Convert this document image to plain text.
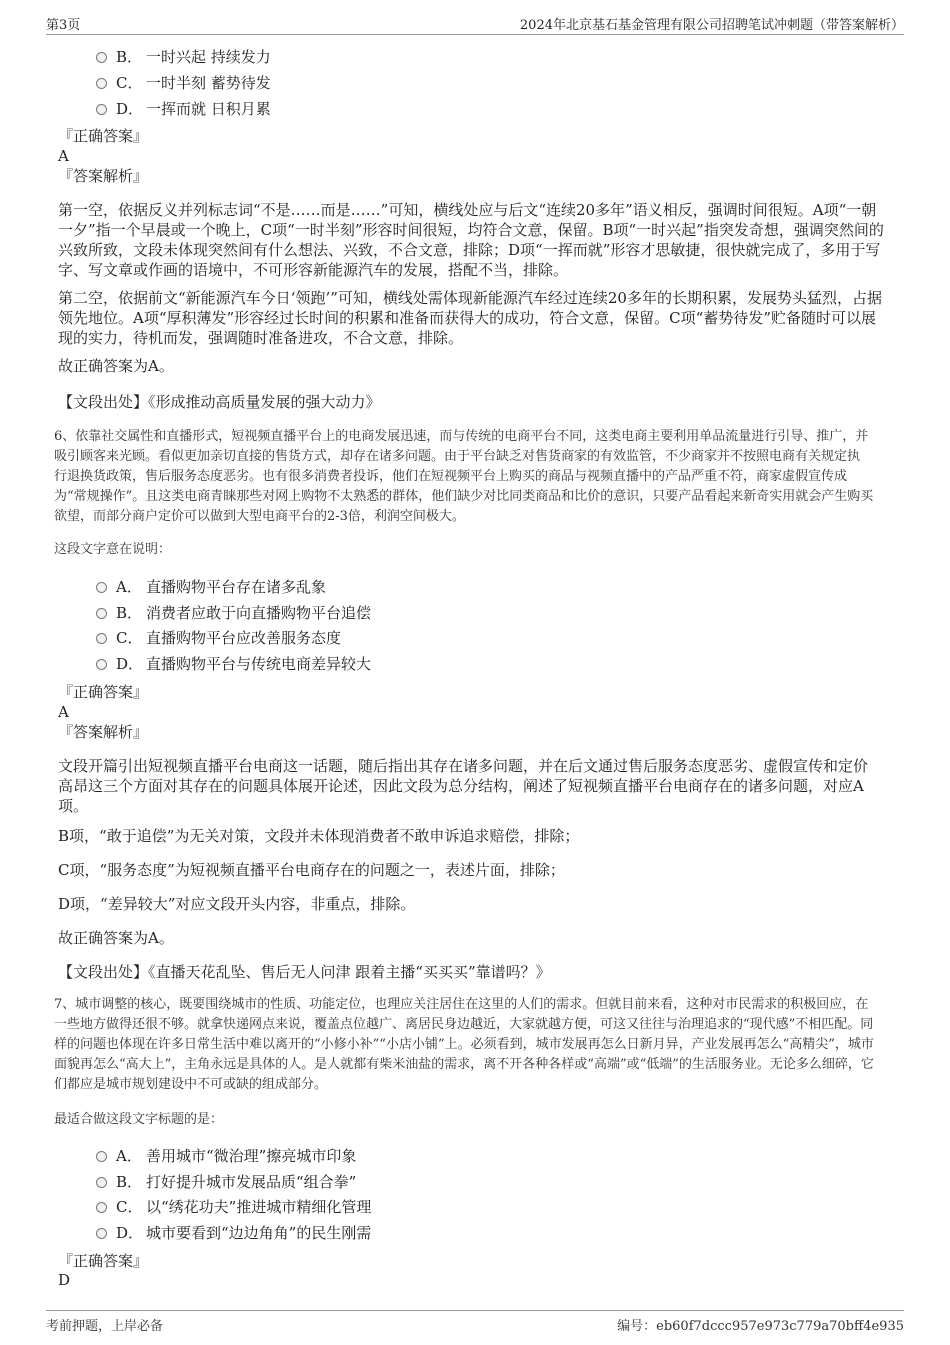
第3页	2024年北京基石基金管理有限公司招聘笔试冲刺题（带答案解析）
B． 一时兴起 持续发力
C． 一时半刻 蓄势待发
D． 一挥而就 日积月累
『正确答案』
A
『答案解析』
第一空，依据反义并列标志词“不是……而是……”可知，横线处应与后文“连续20多年”语义相反，强调时间很短。A项“一朝
一夕”指一个早晨或一个晚上，C项“一时半刻”形容时间很短，均符合文意，保留。B项“一时兴起”指突发奇想，强调突然间的
兴致所致，文段未体现突然间有什么想法、兴致，不合文意，排除；D项“一挥而就”形容才思敏捷，很快就完成了，多用于写
字、写文章或作画的语境中，不可形容新能源汽车的发展，搭配不当，排除。
第二空，依据前文“新能源汽车今日‘领跑’”可知，横线处需体现新能源汽车经过连续20多年的长期积累，发展势头猛烈，占据
领先地位。A项“厚积薄发”形容经过长时间的积累和准备而获得大的成功，符合文意，保留。C项“蓄势待发”贮备随时可以展
现的实力，待机而发，强调随时准备进攻，不合文意，排除。
故正确答案为A。
【文段出处】《形成推动高质量发展的强大动力》
6、依靠社交属性和直播形式，短视频直播平台上的电商发展迅速，而与传统的电商平台不同，这类电商主要利用单品流量进行引导、推广，并
吸引顾客来光顾。看似更加亲切直接的售货方式，却存在诸多问题。由于平台缺乏对售货商家的有效监管，不少商家并不按照电商有关规定执
行退换货政策，售后服务态度恶劣。也有很多消费者投诉，他们在短视频平台上购买的商品与视频直播中的产品严重不符，商家虚假宣传成
为“常规操作”。且这类电商青睐那些对网上购物不太熟悉的群体，他们缺少对比同类商品和比价的意识，只要产品看起来新奇实用就会产生购买
欲望，而部分商户定价可以做到大型电商平台的2-3倍，利润空间极大。
这段文字意在说明：
A． 直播购物平台存在诸多乱象
B． 消费者应敢于向直播购物平台追偿
C． 直播购物平台应改善服务态度
D． 直播购物平台与传统电商差异较大
『正确答案』
A
『答案解析』
文段开篇引出短视频直播平台电商这一话题，随后指出其存在诸多问题，并在后文通过售后服务态度恶劣、虚假宣传和定价
高昂这三个方面对其存在的问题具体展开论述，因此文段为总分结构，阐述了短视频直播平台电商存在的诸多问题，对应A
项。
B项，“敢于追偿”为无关对策，文段并未体现消费者不敢申诉追求赔偿，排除；
C项，“服务态度”为短视频直播平台电商存在的问题之一，表述片面，排除；
D项，“差异较大”对应文段开头内容，非重点，排除。
故正确答案为A。
【文段出处】《直播天花乱坠、售后无人问津 跟着主播“买买买”靠谱吗？》
7、城市调整的核心，既要围绕城市的性质、功能定位，也理应关注居住在这里的人们的需求。但就目前来看，这种对市民需求的积极回应，在
一些地方做得还很不够。就拿快递网点来说，覆盖点位越广、离居民身边越近，大家就越方便，可这又往往与治理追求的“现代感”不相匹配。同
样的问题也体现在许多日常生活中难以离开的“小修小补”“小店小铺”上。必须看到，城市发展再怎么日新月异，产业发展再怎么“高精尖”，城市
面貌再怎么“高大上”，主角永远是具体的人。是人就都有柴米油盐的需求，离不开各种各样或“高端”或“低端”的生活服务业。无论多么细碎，它
们都应是城市规划建设中不可或缺的组成部分。
最适合做这段文字标题的是：
A． 善用城市“微治理”擦亮城市印象
B． 打好提升城市发展品质“组合拳”
C． 以“绣花功夫”推进城市精细化管理
D． 城市要看到“边边角角”的民生刚需
『正确答案』
D
考前押题，上岸必备	编号：eb60f7dccc957e973c779a70bff4e935
